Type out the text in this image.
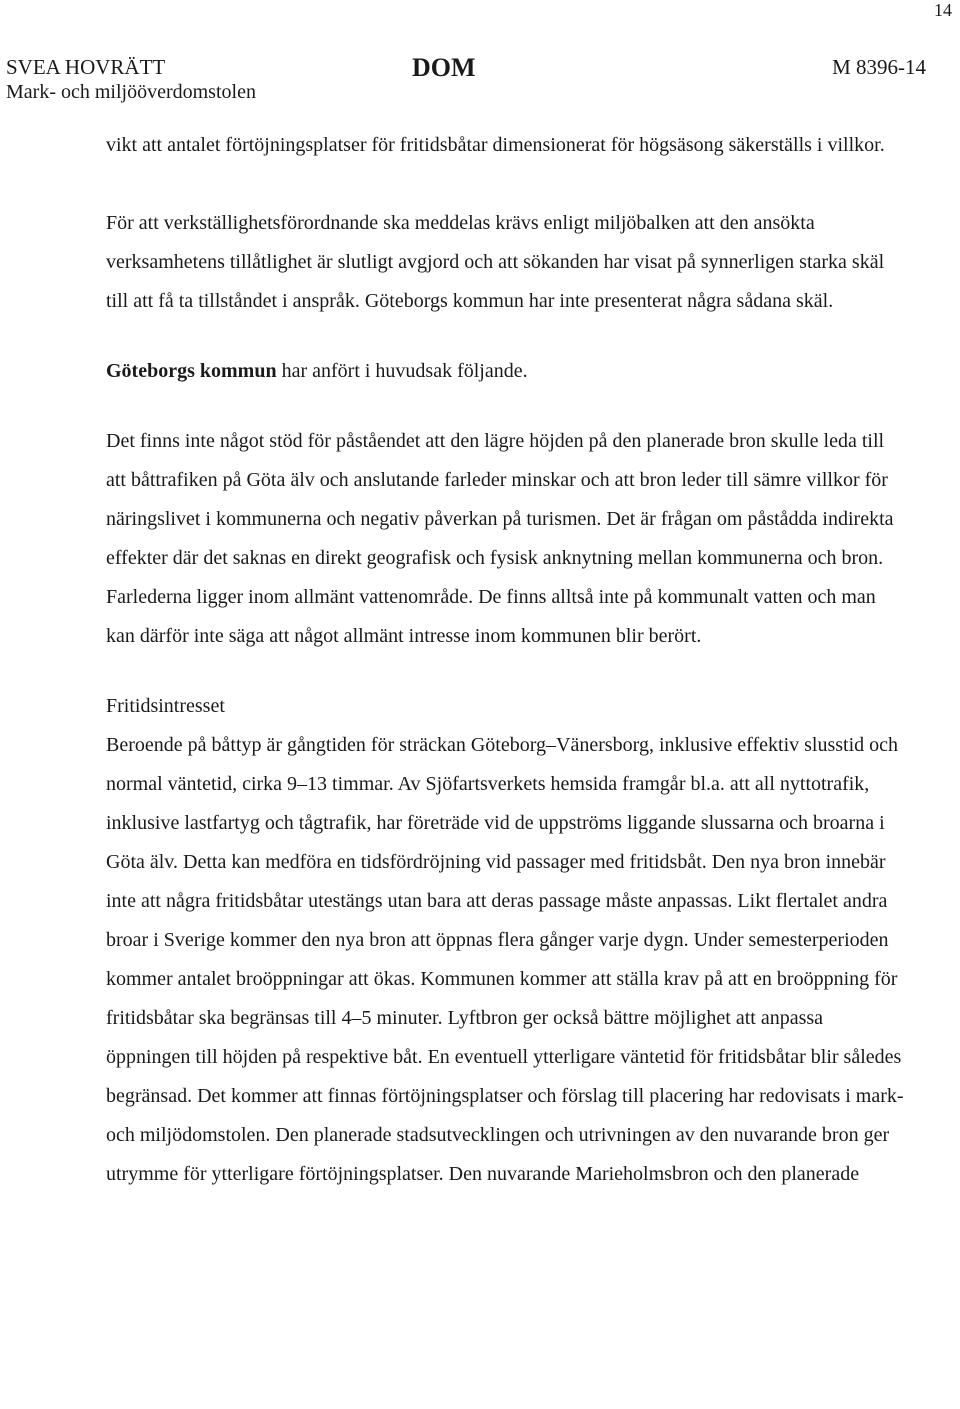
14
SVEA HOVRÄTT
Mark- och miljööverdomstolen
DOM	M 8396-14

vikt att antalet förtöjningsplatser för fritidsbåtar dimensionerat för högsäsong säkerställs i villkor.

För att verkställighetsförordnande ska meddelas krävs enligt miljöbalken att den ansökta verksamhetens tillåtlighet är slutligt avgjord och att sökanden har visat på synnerligen starka skäl till att få ta tillståndet i anspråk. Göteborgs kommun har inte presenterat några sådana skäl.

Göteborgs kommun har anfört i huvudsak följande.

Det finns inte något stöd för påståendet att den lägre höjden på den planerade bron skulle leda till att båttrafiken på Göta älv och anslutande farleder minskar och att bron leder till sämre villkor för näringslivet i kommunerna och negativ påverkan på turismen. Det är frågan om påstådda indirekta effekter där det saknas en direkt geografisk och fysisk anknytning mellan kommunerna och bron. Farlederna ligger inom allmänt vattenområde. De finns alltså inte på kommunalt vatten och man kan därför inte säga att något allmänt intresse inom kommunen blir berört.

Fritidsintresset

Beroende på båttyp är gångtiden för sträckan Göteborg–Vänersborg, inklusive effektiv slusstid och normal väntetid, cirka 9–13 timmar. Av Sjöfartsverkets hemsida framgår bl.a. att all nyttotrafik, inklusive lastfartyg och tågtrafik, har företräde vid de uppströms liggande slussarna och broarna i Göta älv. Detta kan medföra en tidsfördröjning vid passager med fritidsbåt. Den nya bron innebär inte att några fritidsbåtar utestängs utan bara att deras passage måste anpassas. Likt flertalet andra broar i Sverige kommer den nya bron att öppnas flera gånger varje dygn. Under semesterperioden kommer antalet broöppningar att ökas. Kommunen kommer att ställa krav på att en broöppning för fritidsbåtar ska begränsas till 4–5 minuter. Lyftbron ger också bättre möjlighet att anpassa öppningen till höjden på respektive båt. En eventuell ytterligare väntetid för fritidsbåtar blir således begränsad. Det kommer att finnas förtöjningsplatser och förslag till placering har redovisats i mark- och miljödomstolen. Den planerade stadsutvecklingen och utrivningen av den nuvarande bron ger utrymme för ytterligare förtöjningsplatser. Den nuvarande Marieholmsbron och den planerade
